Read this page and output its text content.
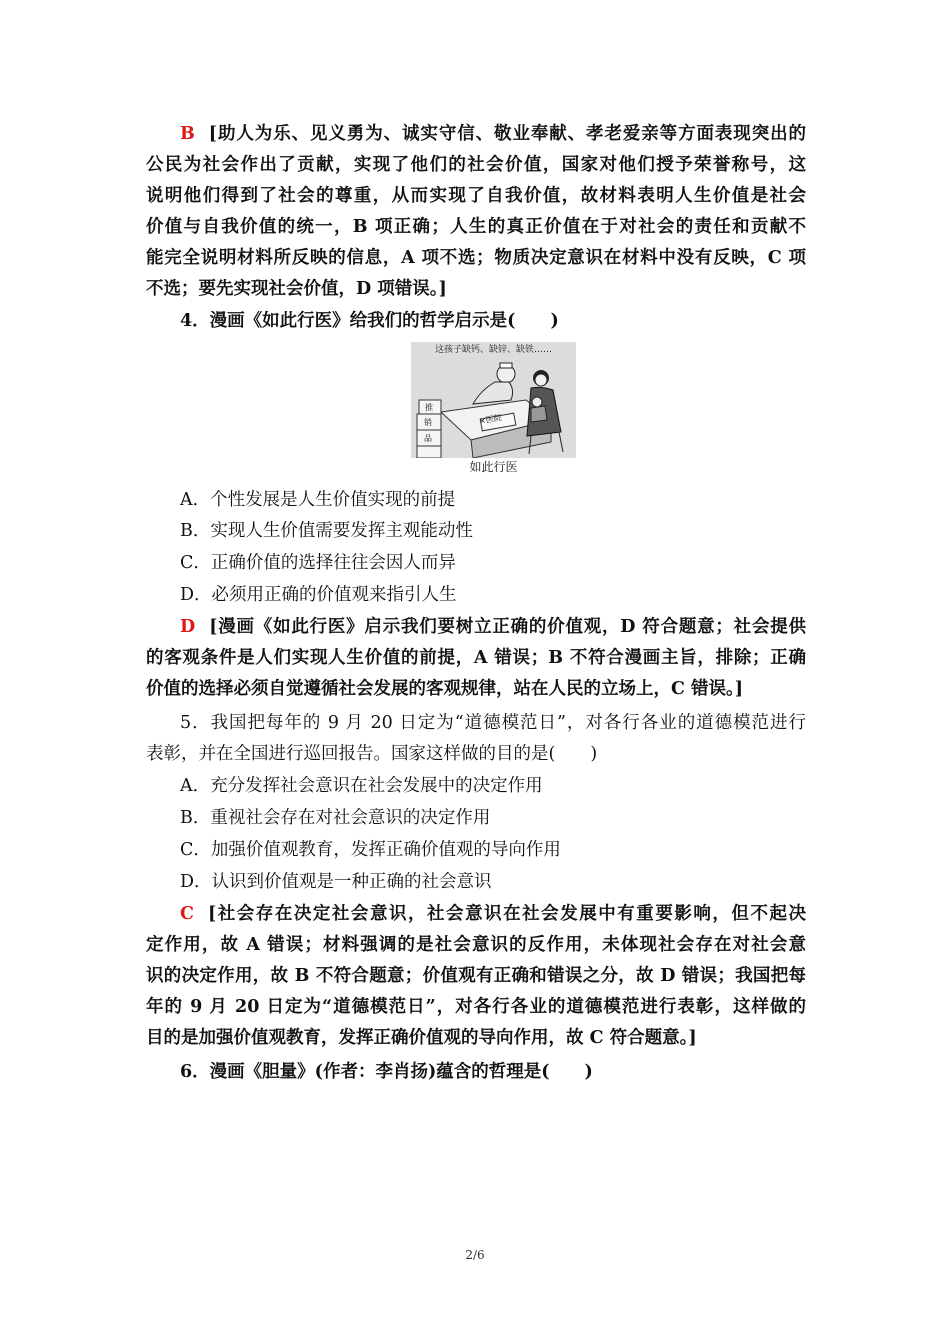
B [助人为乐、见义勇为、诚实守信、敬业奉献、孝老爱亲等方面表现突出的
公民为社会作出了贡献，实现了他们的社会价值，国家对他们授予荣誉称号，这
说明他们得到了社会的尊重，从而实现了自我价值，故材料表明人生价值是社会
价值与自我价值的统一，B 项正确；人生的真正价值在于对社会的责任和贡献不
能完全说明材料所反映的信息，A 项不选；物质决定意识在材料中没有反映，C 项
不选；要先实现社会价值，D 项错误。]
4．漫画《如此行医》给我们的哲学启示是(　　)
这孩子缺钙、缺锌、缺铁……
×医院
推
销
品
如此行医
A．个性发展是人生价值实现的前提
B．实现人生价值需要发挥主观能动性
C．正确价值的选择往往会因人而异
D．必须用正确的价值观来指引人生
D [漫画《如此行医》启示我们要树立正确的价值观，D 符合题意；社会提供
的客观条件是人们实现人生价值的前提，A 错误；B 不符合漫画主旨，排除；正确
价值的选择必须自觉遵循社会发展的客观规律，站在人民的立场上，C 错误。]
5．我国把每年的 9 月 20 日定为“道德模范日”，对各行各业的道德模范进行
表彰，并在全国进行巡回报告。国家这样做的目的是(　　)
A．充分发挥社会意识在社会发展中的决定作用
B．重视社会存在对社会意识的决定作用
C．加强价值观教育，发挥正确价值观的导向作用
D．认识到价值观是一种正确的社会意识
C [社会存在决定社会意识，社会意识在社会发展中有重要影响，但不起决
定作用，故 A 错误；材料强调的是社会意识的反作用，未体现社会存在对社会意
识的决定作用，故 B 不符合题意；价值观有正确和错误之分，故 D 错误；我国把每
年的 9 月 20 日定为“道德模范日”，对各行各业的道德模范进行表彰，这样做的
目的是加强价值观教育，发挥正确价值观的导向作用，故 C 符合题意。]
6．漫画《胆量》(作者：李肖扬)蕴含的哲理是(　　)
2/6
